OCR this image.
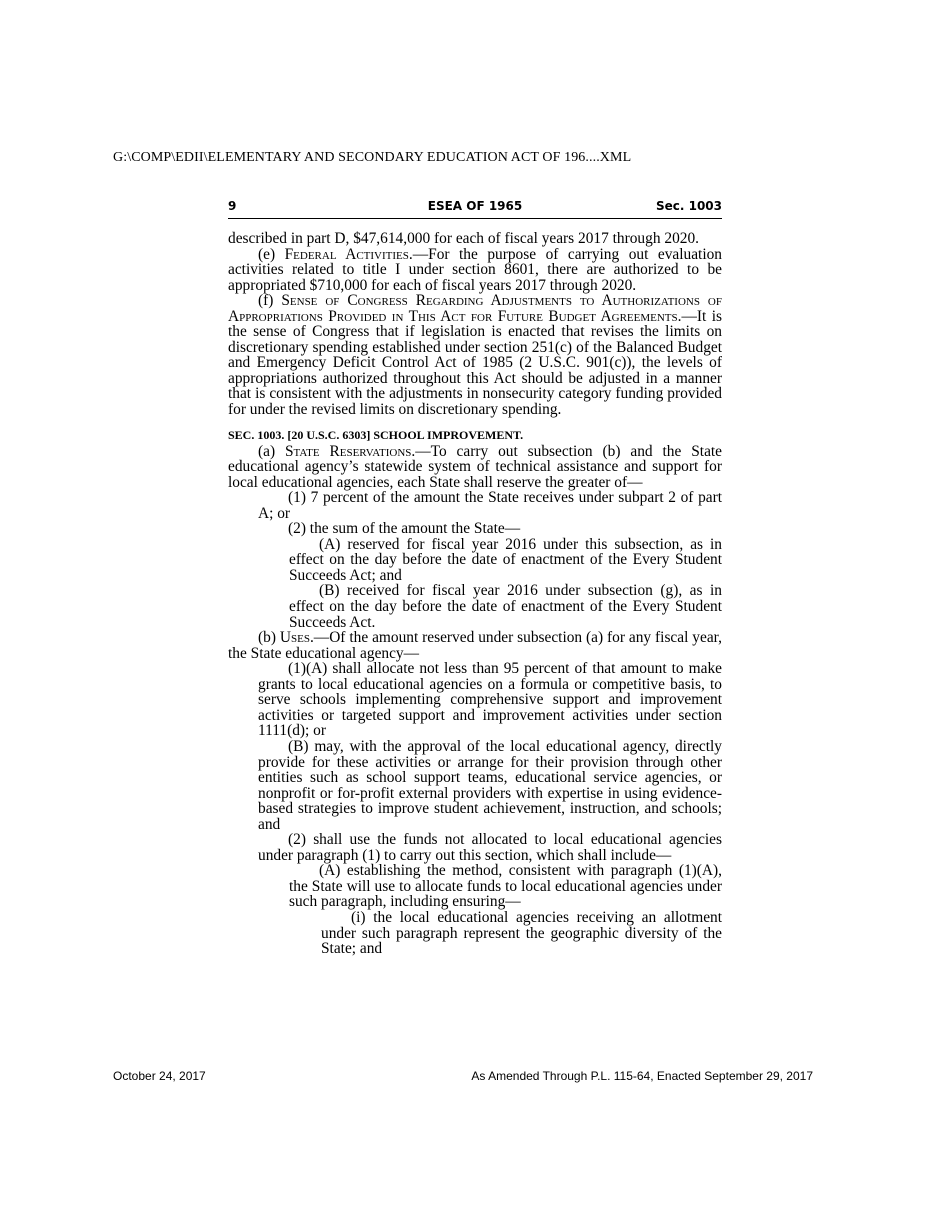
G:\COMP\EDII\ELEMENTARY AND SECONDARY EDUCATION ACT OF 196....XML
9	ESEA OF 1965	Sec. 1003

described in part D, $47,614,000 for each of fiscal years 2017 through 2020.

(e) Federal Activities.—For the purpose of carrying out evaluation activities related to title I under section 8601, there are authorized to be appropriated $710,000 for each of fiscal years 2017 through 2020.

(f) Sense of Congress Regarding Adjustments to Authorizations of Appropriations Provided in This Act for Future Budget Agreements.—It is the sense of Congress that if legislation is enacted that revises the limits on discretionary spending established under section 251(c) of the Balanced Budget and Emergency Deficit Control Act of 1985 (2 U.S.C. 901(c)), the levels of appropriations authorized throughout this Act should be adjusted in a manner that is consistent with the adjustments in nonsecurity category funding provided for under the revised limits on discretionary spending.

SEC. 1003. [20 U.S.C. 6303] SCHOOL IMPROVEMENT.

(a) State Reservations.—To carry out subsection (b) and the State educational agency’s statewide system of technical assistance and support for local educational agencies, each State shall reserve the greater of—

(1) 7 percent of the amount the State receives under subpart 2 of part A; or

(2) the sum of the amount the State—

(A) reserved for fiscal year 2016 under this subsection, as in effect on the day before the date of enactment of the Every Student Succeeds Act; and

(B) received for fiscal year 2016 under subsection (g), as in effect on the day before the date of enactment of the Every Student Succeeds Act.

(b) Uses.—Of the amount reserved under subsection (a) for any fiscal year, the State educational agency—

(1)(A) shall allocate not less than 95 percent of that amount to make grants to local educational agencies on a formula or competitive basis, to serve schools implementing comprehensive support and improvement activities or targeted support and improvement activities under section 1111(d); or

(B) may, with the approval of the local educational agency, directly provide for these activities or arrange for their provision through other entities such as school support teams, educational service agencies, or nonprofit or for-profit external providers with expertise in using evidence-based strategies to improve student achievement, instruction, and schools; and

(2) shall use the funds not allocated to local educational agencies under paragraph (1) to carry out this section, which shall include—

(A) establishing the method, consistent with paragraph (1)(A), the State will use to allocate funds to local educational agencies under such paragraph, including ensuring—

(i) the local educational agencies receiving an allotment under such paragraph represent the geographic diversity of the State; and

October 24, 2017	As Amended Through P.L. 115-64, Enacted September 29, 2017
